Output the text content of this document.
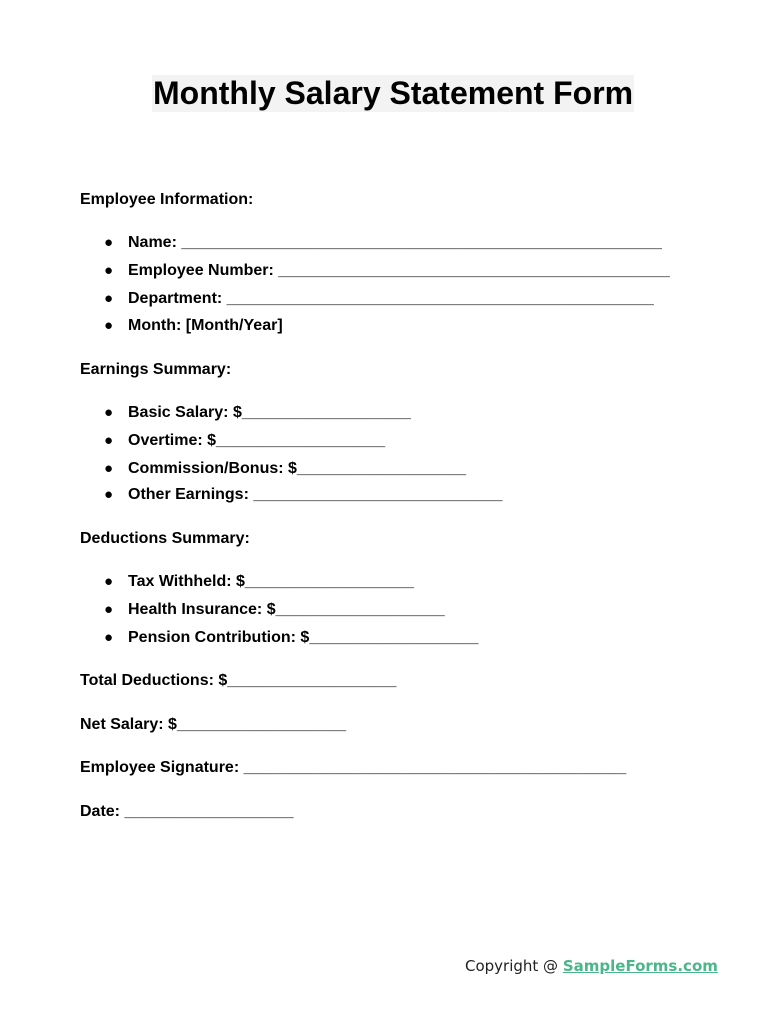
Monthly Salary Statement Form
Employee Information:
● Name: ______________________________________________________
● Employee Number: ____________________________________________
● Department: ________________________________________________
● Month: [Month/Year]
Earnings Summary:
● Basic Salary: $___________________
● Overtime: $___________________
● Commission/Bonus: $___________________
● Other Earnings: ____________________________
Deductions Summary:
● Tax Withheld: $___________________
● Health Insurance: $___________________
● Pension Contribution: $___________________
Total Deductions: $___________________
Net Salary: $___________________
Employee Signature: ___________________________________________
Date: ___________________
Copyright @ SampleForms.com
